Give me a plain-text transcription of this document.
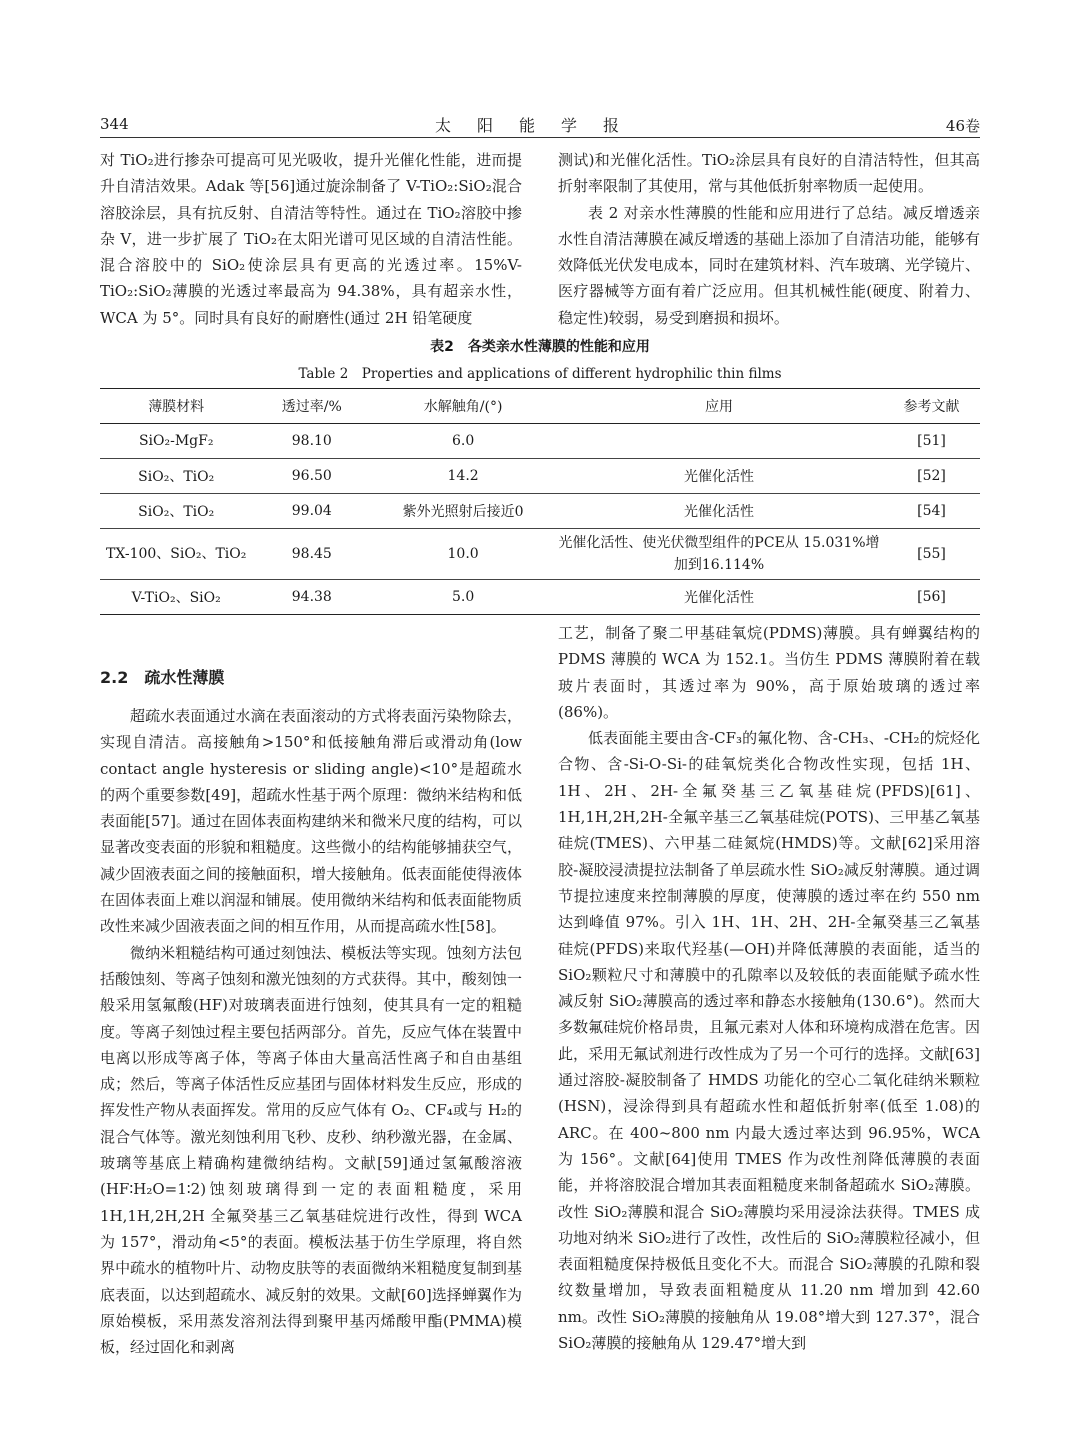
344	太阳能学报	46卷

对 TiO₂进行掺杂可提高可见光吸收，提升光催化性能，进而提升自清洁效果。Adak 等[56]通过旋涂制备了 V-TiO₂:SiO₂混合溶胶涂层，具有抗反射、自清洁等特性。通过在 TiO₂溶胶中掺杂 V，进一步扩展了 TiO₂在太阳光谱可见区域的自清洁性能。混合溶胶中的 SiO₂使涂层具有更高的光透过率。15%V-TiO₂:SiO₂薄膜的光透过率最高为 94.38%，具有超亲水性，WCA 为 5°。同时具有良好的耐磨性(通过 2H 铅笔硬度

测试)和光催化活性。TiO₂涂层具有良好的自清洁特性，但其高折射率限制了其使用，常与其他低折射率物质一起使用。

表 2 对亲水性薄膜的性能和应用进行了总结。减反增透亲水性自清洁薄膜在减反增透的基础上添加了自清洁功能，能够有效降低光伏发电成本，同时在建筑材料、汽车玻璃、光学镜片、医疗器械等方面有着广泛应用。但其机械性能(硬度、附着力、稳定性)较弱，易受到磨损和损坏。

表2　各类亲水性薄膜的性能和应用
Table 2　Properties and applications of different hydrophilic thin films
薄膜材料	透过率/%	水解触角/(°)	应用	参考文献
SiO₂-MgF₂	98.10	6.0		[51]
SiO₂、TiO₂	96.50	14.2	光催化活性	[52]
SiO₂、TiO₂	99.04	紫外光照射后接近0	光催化活性	[54]
TX-100、SiO₂、TiO₂	98.45	10.0	光催化活性、使光伏微型组件的PCE从 15.031%增加到16.114%	[55]
V-TiO₂、SiO₂	94.38	5.0	光催化活性	[56]
2.2　疏水性薄膜

超疏水表面通过水滴在表面滚动的方式将表面污染物除去，实现自清洁。高接触角>150°和低接触角滞后或滑动角(low contact angle hysteresis or sliding angle)<10°是超疏水的两个重要参数[49]，超疏水性基于两个原理：微纳米结构和低表面能[57]。通过在固体表面构建纳米和微米尺度的结构，可以显著改变表面的形貌和粗糙度。这些微小的结构能够捕获空气，减少固液表面之间的接触面积，增大接触角。低表面能使得液体在固体表面上难以润湿和铺展。使用微纳米结构和低表面能物质改性来减少固液表面之间的相互作用，从而提高疏水性[58]。

微纳米粗糙结构可通过刻蚀法、模板法等实现。蚀刻方法包括酸蚀刻、等离子蚀刻和激光蚀刻的方式获得。其中，酸刻蚀一般采用氢氟酸(HF)对玻璃表面进行蚀刻，使其具有一定的粗糙度。等离子刻蚀过程主要包括两部分。首先，反应气体在装置中电离以形成等离子体，等离子体由大量高活性离子和自由基组成；然后，等离子体活性反应基团与固体材料发生反应，形成的挥发性产物从表面挥发。常用的反应气体有 O₂、CF₄或与 H₂的混合气体等。激光刻蚀利用飞秒、皮秒、纳秒激光器，在金属、玻璃等基底上精确构建微纳结构。文献[59]通过氢氟酸溶液(HF∶H₂O=1∶2)蚀刻玻璃得到一定的表面粗糙度，采用 1H,1H,2H,2H 全氟癸基三乙氧基硅烷进行改性，得到 WCA 为 157°，滑动角<5°的表面。模板法基于仿生学原理，将自然界中疏水的植物叶片、动物皮肤等的表面微纳米粗糙度复制到基底表面，以达到超疏水、减反射的效果。文献[60]选择蝉翼作为原始模板，采用蒸发溶剂法得到聚甲基丙烯酸甲酯(PMMA)模板，经过固化和剥离

工艺，制备了聚二甲基硅氧烷(PDMS)薄膜。具有蝉翼结构的 PDMS 薄膜的 WCA 为 152.1。当仿生 PDMS 薄膜附着在载玻片表面时，其透过率为 90%，高于原始玻璃的透过率(86%)。

低表面能主要由含-CF₃的氟化物、含-CH₃、-CH₂的烷烃化合物、含-Si-O-Si-的硅氧烷类化合物改性实现，包括 1H、1H、2H、2H-全氟癸基三乙氧基硅烷(PFDS)[61]、1H,1H,2H,2H-全氟辛基三乙氧基硅烷(POTS)、三甲基乙氧基硅烷(TMES)、六甲基二硅氮烷(HMDS)等。文献[62]采用溶胶-凝胶浸渍提拉法制备了单层疏水性 SiO₂减反射薄膜。通过调节提拉速度来控制薄膜的厚度，使薄膜的透过率在约 550 nm 达到峰值 97%。引入 1H、1H、2H、2H-全氟癸基三乙氧基硅烷(PFDS)来取代羟基(—OH)并降低薄膜的表面能，适当的 SiO₂颗粒尺寸和薄膜中的孔隙率以及较低的表面能赋予疏水性减反射 SiO₂薄膜高的透过率和静态水接触角(130.6°)。然而大多数氟硅烷价格昂贵，且氟元素对人体和环境构成潜在危害。因此，采用无氟试剂进行改性成为了另一个可行的选择。文献[63]通过溶胶-凝胶制备了 HMDS 功能化的空心二氧化硅纳米颗粒(HSN)，浸涂得到具有超疏水性和超低折射率(低至 1.08)的 ARC。在 400~800 nm 内最大透过率达到 96.95%，WCA 为 156°。文献[64]使用 TMES 作为改性剂降低薄膜的表面能，并将溶胶混合增加其表面粗糙度来制备超疏水 SiO₂薄膜。改性 SiO₂薄膜和混合 SiO₂薄膜均采用浸涂法获得。TMES 成功地对纳米 SiO₂进行了改性，改性后的 SiO₂薄膜粒径减小，但表面粗糙度保持极低且变化不大。而混合 SiO₂薄膜的孔隙和裂纹数量增加，导致表面粗糙度从 11.20 nm 增加到 42.60 nm。改性 SiO₂薄膜的接触角从 19.08°增大到 127.37°，混合 SiO₂薄膜的接触角从 129.47°增大到
